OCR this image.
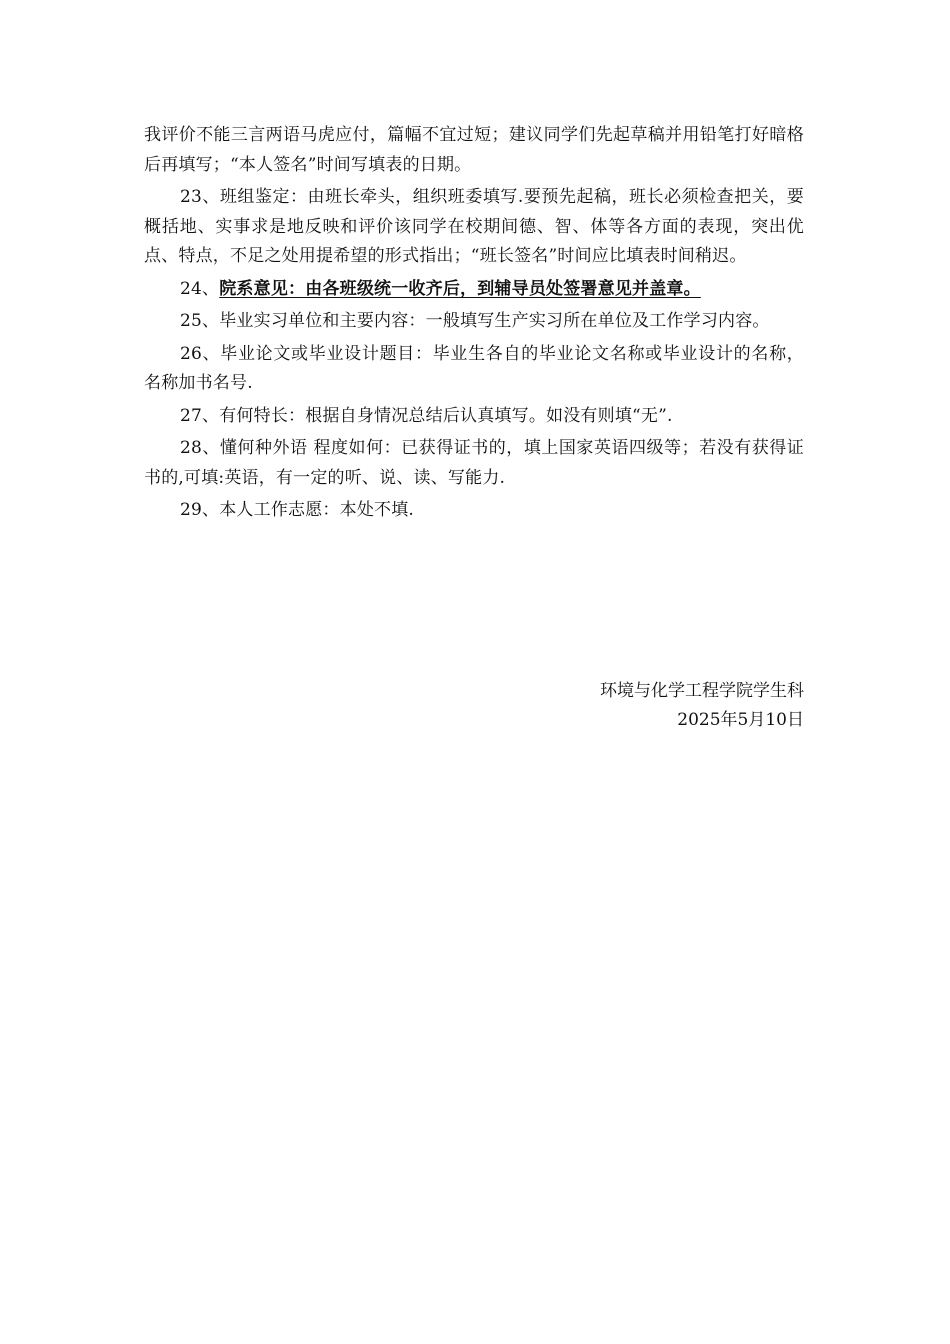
我评价不能三言两语马虎应付，篇幅不宜过短；建议同学们先起草稿并用铅笔打好暗格后再填写；“本人签名”时间写填表的日期。

23、班组鉴定：由班长牵头，组织班委填写.要预先起稿，班长必须检查把关，要概括地、实事求是地反映和评价该同学在校期间德、智、体等各方面的表现，突出优点、特点，不足之处用提希望的形式指出；“班长签名”时间应比填表时间稍迟。

24、院系意见：由各班级统一收齐后，到辅导员处签署意见并盖章。

25、毕业实习单位和主要内容：一般填写生产实习所在单位及工作学习内容。

26、毕业论文或毕业设计题目：毕业生各自的毕业论文名称或毕业设计的名称，名称加书名号.

27、有何特长：根据自身情况总结后认真填写。如没有则填“无”.

28、懂何种外语 程度如何：已获得证书的，填上国家英语四级等；若没有获得证书的,可填:英语，有一定的听、说、读、写能力.

29、本人工作志愿：本处不填.

环境与化学工程学院学生科
2025年5月10日
